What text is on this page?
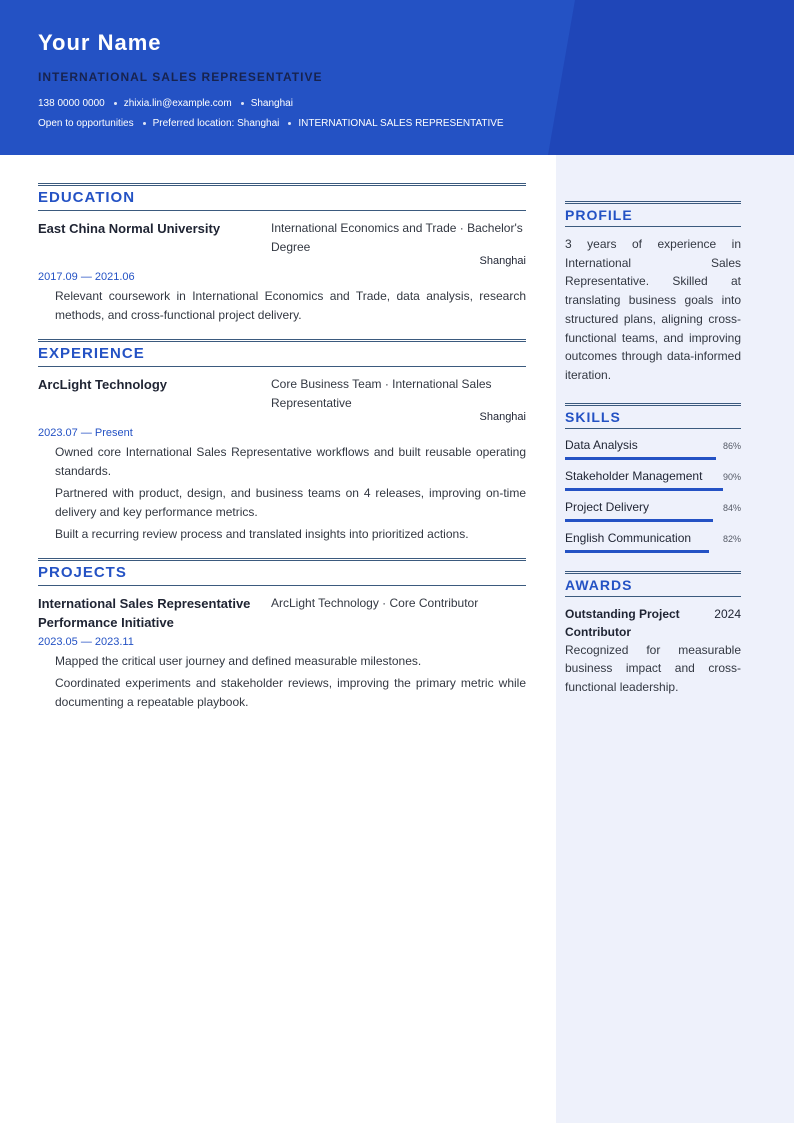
Your Name
INTERNATIONAL SALES REPRESENTATIVE
138 0000 0000 zhixia.lin@example.com Shanghai
Open to opportunities Preferred location: Shanghai INTERNATIONAL SALES REPRESENTATIVE
EDUCATION
East China Normal University	International Economics and Trade · Bachelor's Degree
Shanghai
2017.09 — 2021.06
Relevant coursework in International Economics and Trade, data analysis, research methods, and cross-functional project delivery.
EXPERIENCE
ArcLight Technology	Core Business Team · International Sales Representative
Shanghai
2023.07 — Present
Owned core International Sales Representative workflows and built reusable operating standards.
Partnered with product, design, and business teams on 4 releases, improving on-time delivery and key performance metrics.
Built a recurring review process and translated insights into prioritized actions.
PROJECTS
International Sales Representative Performance Initiative
ArcLight Technology · Core Contributor
2023.05 — 2023.11
Mapped the critical user journey and defined measurable milestones.
Coordinated experiments and stakeholder reviews, improving the primary metric while documenting a repeatable playbook.
PROFILE

3 years of experience in International Sales Representative. Skilled at translating business goals into structured plans, aligning cross-functional teams, and improving outcomes through data-informed iteration.

SKILLS
Data Analysis	86%
Stakeholder Management 90%
Project Delivery	84%
English Communication	82%
AWARDS
Outstanding Project Contributor
2024

Recognized for measurable business impact and cross-functional leadership.
